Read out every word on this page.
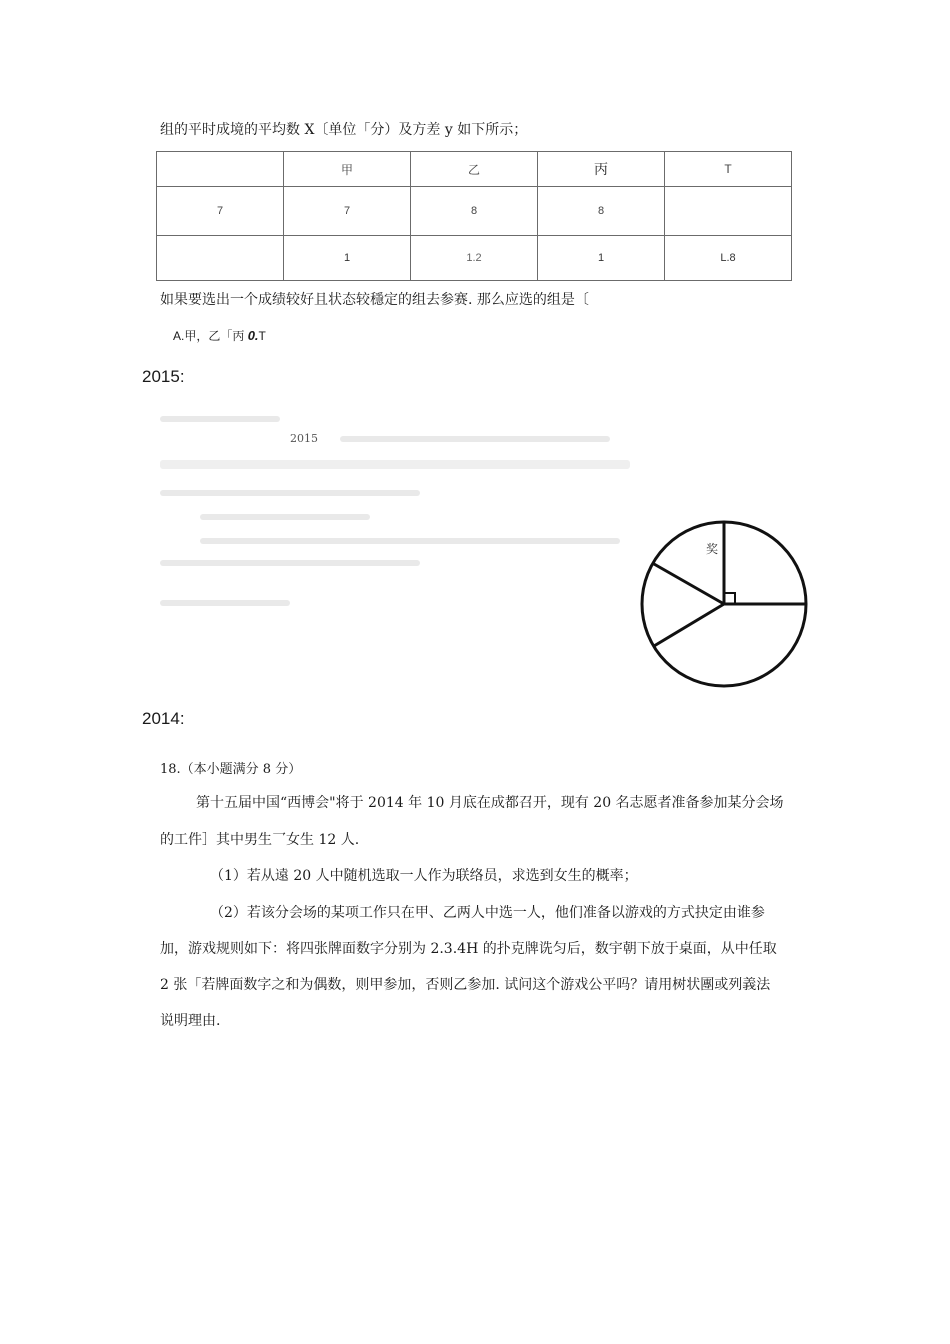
组的平时成境的平均数 X〔单位「分）及方差 y 如下所示；
	甲	乙	丙	T
7	7	8	8	
	1	1.2	1	L.8
如果要选出一个成绩较好且状态较穩定的组去参赛. 那么应选的组是〔
A.甲，乙「丙 0.T
2015:
2015
奖
2014:
18.（本小题满分 8 分）
第十五届中国“西博会"将于 2014 年 10 月底在成都召开，现有 20 名志愿者准备参加某分会场
的工件］其中男生⺂女生 12 人.
（1）若从遠 20 人中随机选取一人作为联络员，求选到女生的概率；
（2）若该分会场的某项工作只在甲、乙两人中选一人，他们准备以游戏的方式抉定由谁参
加，游戏规则如下：将四张牌面数字分别为 2.3.4H 的扑克牌诜匀后，数宇朝下放于桌面，从中任取
2 张「若牌面数字之和为偶数，则甲参加，否则乙参加. 试问这个游戏公平吗？请用树状團或列義法
说明理由.
